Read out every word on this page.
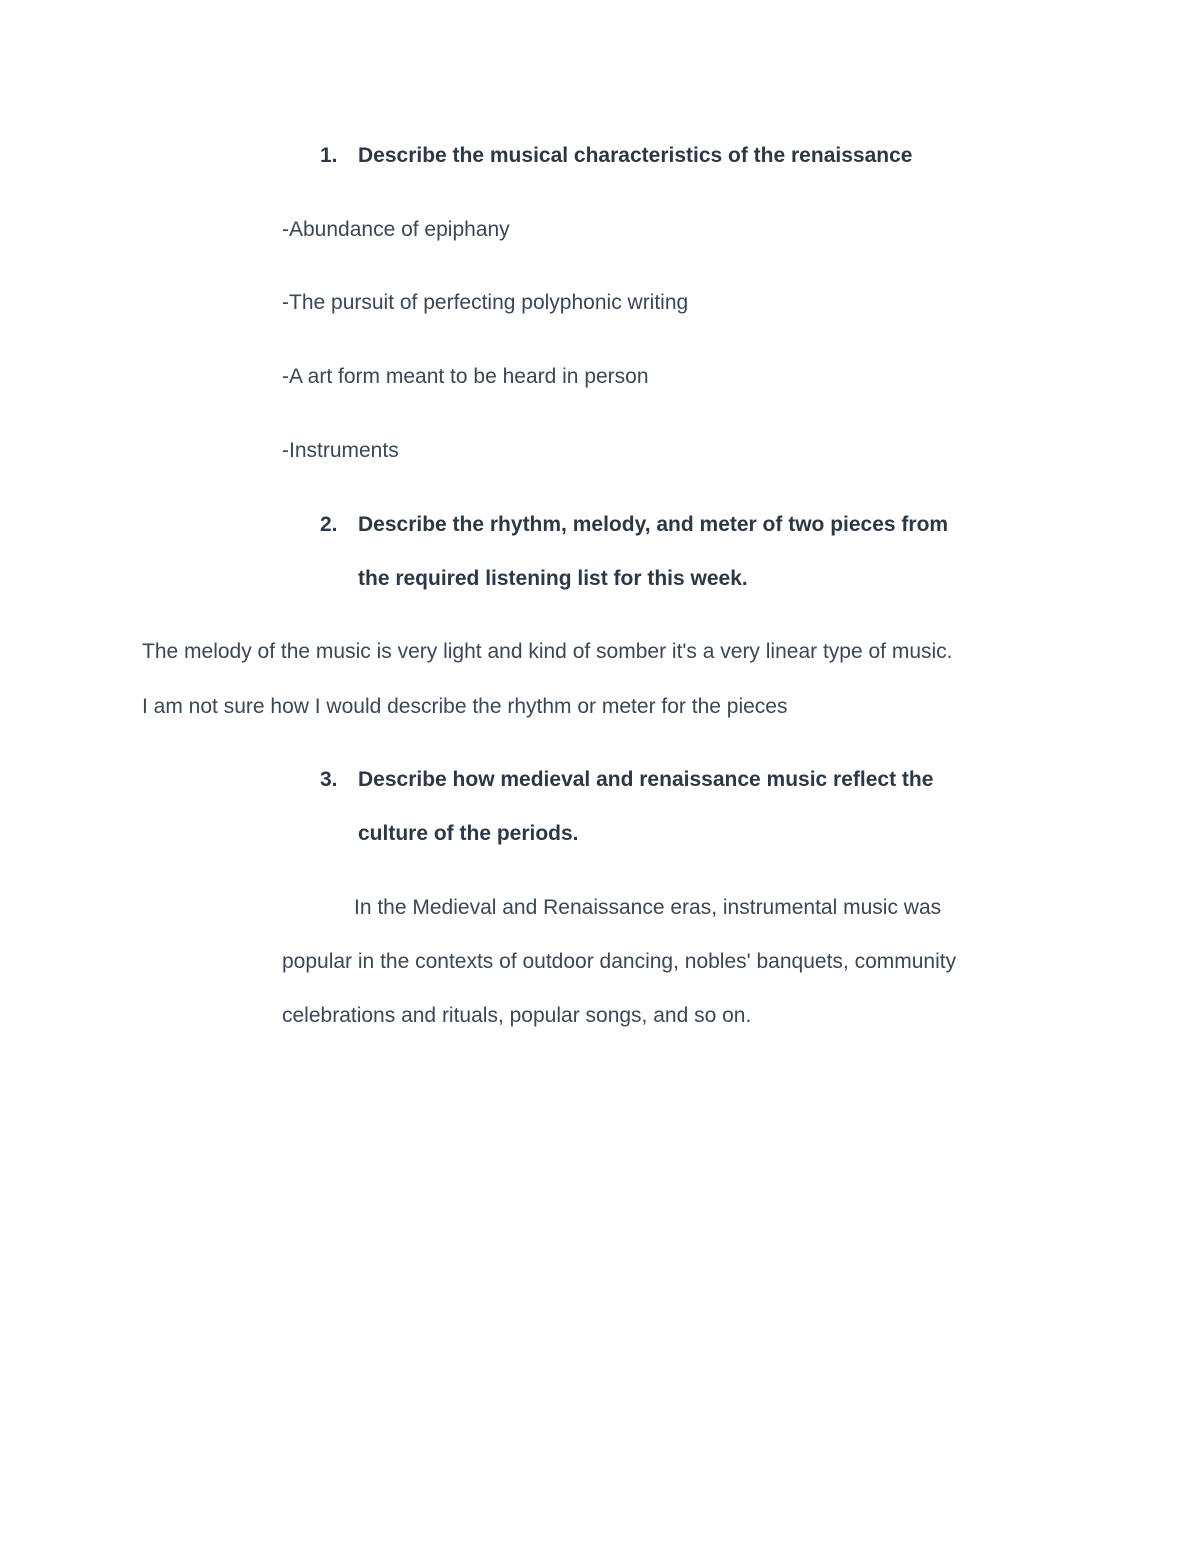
1. Describe the musical characteristics of the renaissance
-Abundance of epiphany
-The pursuit of perfecting polyphonic writing
-A art form meant to be heard in person
-Instruments
2. Describe the rhythm, melody, and meter of two pieces from
the required listening list for this week.
The melody of the music is very light and kind of somber it's a very linear type of music.
I am not sure how I would describe the rhythm or meter for the pieces
3. Describe how medieval and renaissance music reflect the
culture of the periods.
In the Medieval and Renaissance eras, instrumental music was
popular in the contexts of outdoor dancing, nobles' banquets, community
celebrations and rituals, popular songs, and so on.
